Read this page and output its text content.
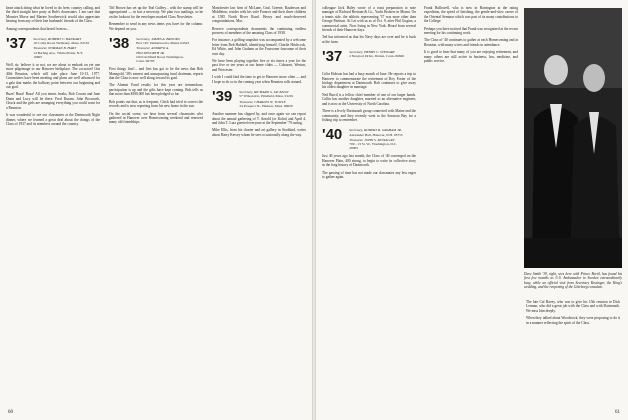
heart attack doing what he loved to do: beer, country calling, and the third straight beer party at Bob's downstairs. I am sure that Monster Morse and Marine Southerwick would also appreciate hearing from any of their late husbands' friends of the Class.

Among correspondents that heard from us...

'37 Secretary, ROBERT C. BANKART
10 Colby Road, Wellesley, Mass. 02181
Treasurer, NORMAN B. HART
14 Barling Ave., White Plains, N.Y. 10605

Well, sir, believe it or not, we are about to embark on yet one more pilgrimage to our Hanover birthplace. The occasion? Our 40th Reunion, which will take place June 10-13, 1977. Committees have been meeting and plans are well advanced for a gala that marks the halfway point between our beginning and our goal.

Buzz! Buzz! Buzz! All you tennis freaks, Bob Cowan and Jane Dunn and Lucy will be there. Fred Duram, John Bosworth, Chuck and the girls are arranging everything you could want for a Reunion.

It was wonderful to see our classmates at the Dartmouth Night dinner, where we learned a great deal about the doings of the Class of 1937 and its members around the country.

Tiff Brown has set up the Teal Gallery... with the stamp will be appropriated — in fact a necessity. We plan two mailings, so be on the lookout for the envelopes marked Class Newsletter.

Remember to send in any news items you have for the column. We depend on you.

'38 Secretary, JAMES A. BROOKS
Box 167, Damariscotta, Maine 04543
Treasurer, ANDREW A. HOLTZWORTH JR.
Old Litchfield Road, Washington, Conn. 06793

First things first!... and first has got to be the news that Bob Manegold, '38's earnest and unsurpassing fund chairman, reports that the Class is now well along toward its goal.

The Alumni Fund results for this year are tremendous; participation is up and the gifts have kept coming. Bob tells us that more than $390,000 has been pledged so far.

Bob points out that, as is frequent, Chick had tried to correct the records and is now reporting from his new home in the sun.

On the social scene, we hear from several classmates who gathered in Hanover over Homecoming weekend and renewed many old friendships.

Manchester law firm of McLane, Graf, Greene, Raulerson and Middleton, resides with his wife Frances and their three children at 1585 North River Road. Heavy and much-deserved congratulations, Mac.

Reserve correspondents documents the continuing endless prowess of members of the amazing Class of 1938.

For instance, a golfing snapshot was accompanied by a welcome letter from Bob Hubbell, identifying himself, Charlie Hitchcock, Ed White, and John Graham as the Foursome foursome of their own day.

We have been playing together five or six times a year for the past five or ten years at our home clubs — Cohasset, Weston, and Worcester.

I wish I could find the time to get to Hanover more often — and I hope to do so in the coming year when Reunion rolls around.

'39 Secretary, RICHARD S. JACKSON
57 Wilson Rd., Pittsfield, Mass. 01201
Treasurer, CHARLES W. TOWLE
34 Prospect St., Hudson, Mass. 06629

Another summer has slipped by, and once again we can report about the annual gathering of T. Arnold (or Kohn) and April 4, and John T. Lutz greeted everyone at the September '79 outing.

Mike Ellis, from his charter and art gallery in Stoddard, writes about Harry Kersey whom he sees occasionally along the way.

60

colleague Jack Haley wrote of a roast preparation to note manager of Richard Bertram & Co., Yacht Brokers in Miami. On a tennis side, the athletic representing '37 was none other than George Pattison. At Let with us as of Oct. 9, after Phil Gogina, a commercial artist. Now living in New York. Heard from several friends of their Hanover days.

Ted has informed us that his Navy days are over and he is back at the farm.

'37 Secretary, HENRY C. STEWART
2 Newport Drive, Darien, Conn. 06820

Colin Hobson has had a busy month of June. He reports a trip to Hanover to commemorate the retirement of Roy Foster of the biology department at Dartmouth. Bob continues to give away his oldest daughter in marriage.

Ned Burril is a fellow chief member of one of our larger bands. Collin has another daughter, married to an alternative engineer, and is now at the University of North Carolina.

There is a lively Dartmouth group connected with Maine and the community, and they recently went to the Sarasota Bay for a fishing trip to remember.

'40 Secretary, ROBERT R. GRAHAM JR.
Alexander Hall, Hanover, N.H. 03755
Treasurer, JOHN S. MONAGAN
700 - 13 St. W., Washington, D.C. 20005

Just 40 years ago last month, the Class of '40 converged on the Hanover Plain, 400 strong, to begin to write its collective story in the long history of Dartmouth.

The passing of time has not made our classmates any less eager to gather again.

Frank Hallowell, who is now in Barrington at the rating expedition, the speed of finishing, the gentle-and-slow career of the Oriental Seminar which was part of its many contributions to the College.

Perhaps you have noticed that Frank was recognized at the recent meeting for his continuing work.

The Class of '40 continues to gather at each Homecoming and at Reunion, with many wives and friends in attendance.

It is good to hear that many of you are enjoying retirement, and many others are still active in business, law, medicine, and public service.

Dave Smith '39, right, sees here with Prince Bertil, has found his first few months as U.S. Ambassador to Sweden extraordinarily busy, while an official visit from Secretary Kissinger, the King's wedding, and the reopening of the Göteborg consulate.

The late Cal Ravey, who was to give his 15th reunion to Dick Lerman, who did a great job with the Class and with Dartmouth. We miss him deeply.

When they talked about Woodstock, they were proposing to do it in a manner reflecting the spirit of the Class.

61
